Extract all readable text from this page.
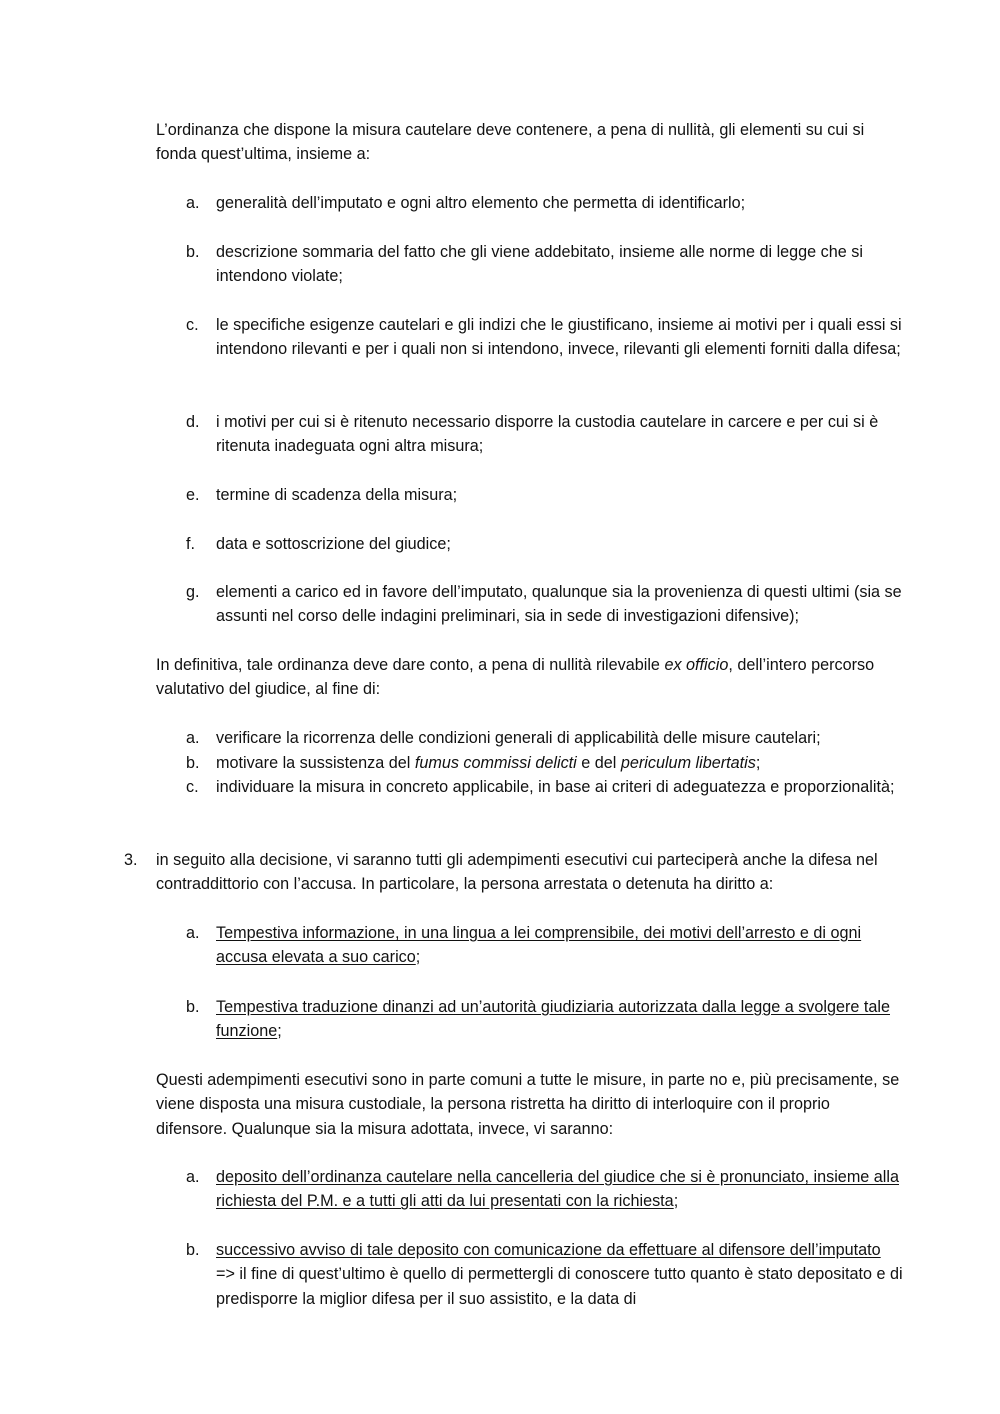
L’ordinanza che dispone la misura cautelare deve contenere, a pena di nullità, gli elementi su cui si fonda quest’ultima, insieme a:

a.	generalità dell’imputato e ogni altro elemento che permetta di identificarlo;

b.	descrizione sommaria del fatto che gli viene addebitato, insieme alle norme di legge che si intendono violate;

c.	le specifiche esigenze cautelari e gli indizi che le giustificano, insieme ai motivi per i quali essi si intendono rilevanti e per i quali non si intendono, invece, rilevanti gli elementi forniti dalla difesa;

d.	i motivi per cui si è ritenuto necessario disporre la custodia cautelare in carcere e per cui si è ritenuta inadeguata ogni altra misura;

e.	termine di scadenza della misura;

f.	data e sottoscrizione del giudice;

g.	elementi a carico ed in favore dell’imputato, qualunque sia la provenienza di questi ultimi (sia se assunti nel corso delle indagini preliminari, sia in sede di investigazioni difensive);

In definitiva, tale ordinanza deve dare conto, a pena di nullità rilevabile ex officio, dell’intero percorso valutativo del giudice, al fine di:

a.	verificare la ricorrenza delle condizioni generali di applicabilità delle misure cautelari;

b.	motivare la sussistenza del fumus commissi delicti e del periculum libertatis;

c.	individuare la misura in concreto applicabile, in base ai criteri di adeguatezza e proporzionalità;

3.	in seguito alla decisione, vi saranno tutti gli adempimenti esecutivi cui parteciperà anche la difesa nel contraddittorio con l’accusa. In particolare, la persona arrestata o detenuta ha diritto a:

a.	Tempestiva informazione, in una lingua a lei comprensibile, dei motivi dell’arresto e di ogni accusa elevata a suo carico;

b.	Tempestiva traduzione dinanzi ad un’autorità giudiziaria autorizzata dalla legge a svolgere tale funzione;

Questi adempimenti esecutivi sono in parte comuni a tutte le misure, in parte no e, più precisamente, se viene disposta una misura custodiale, la persona ristretta ha diritto di interloquire con il proprio difensore. Qualunque sia la misura adottata, invece, vi saranno:

a.	deposito dell’ordinanza cautelare nella cancelleria del giudice che si è pronunciato, insieme alla richiesta del P.M. e a tutti gli atti da lui presentati con la richiesta;

b.	successivo avviso di tale deposito con comunicazione da effettuare al difensore dell’imputato => il fine di quest’ultimo è quello di permettergli di conoscere tutto quanto è stato depositato e di predisporre la miglior difesa per il suo assistito, e la data di
